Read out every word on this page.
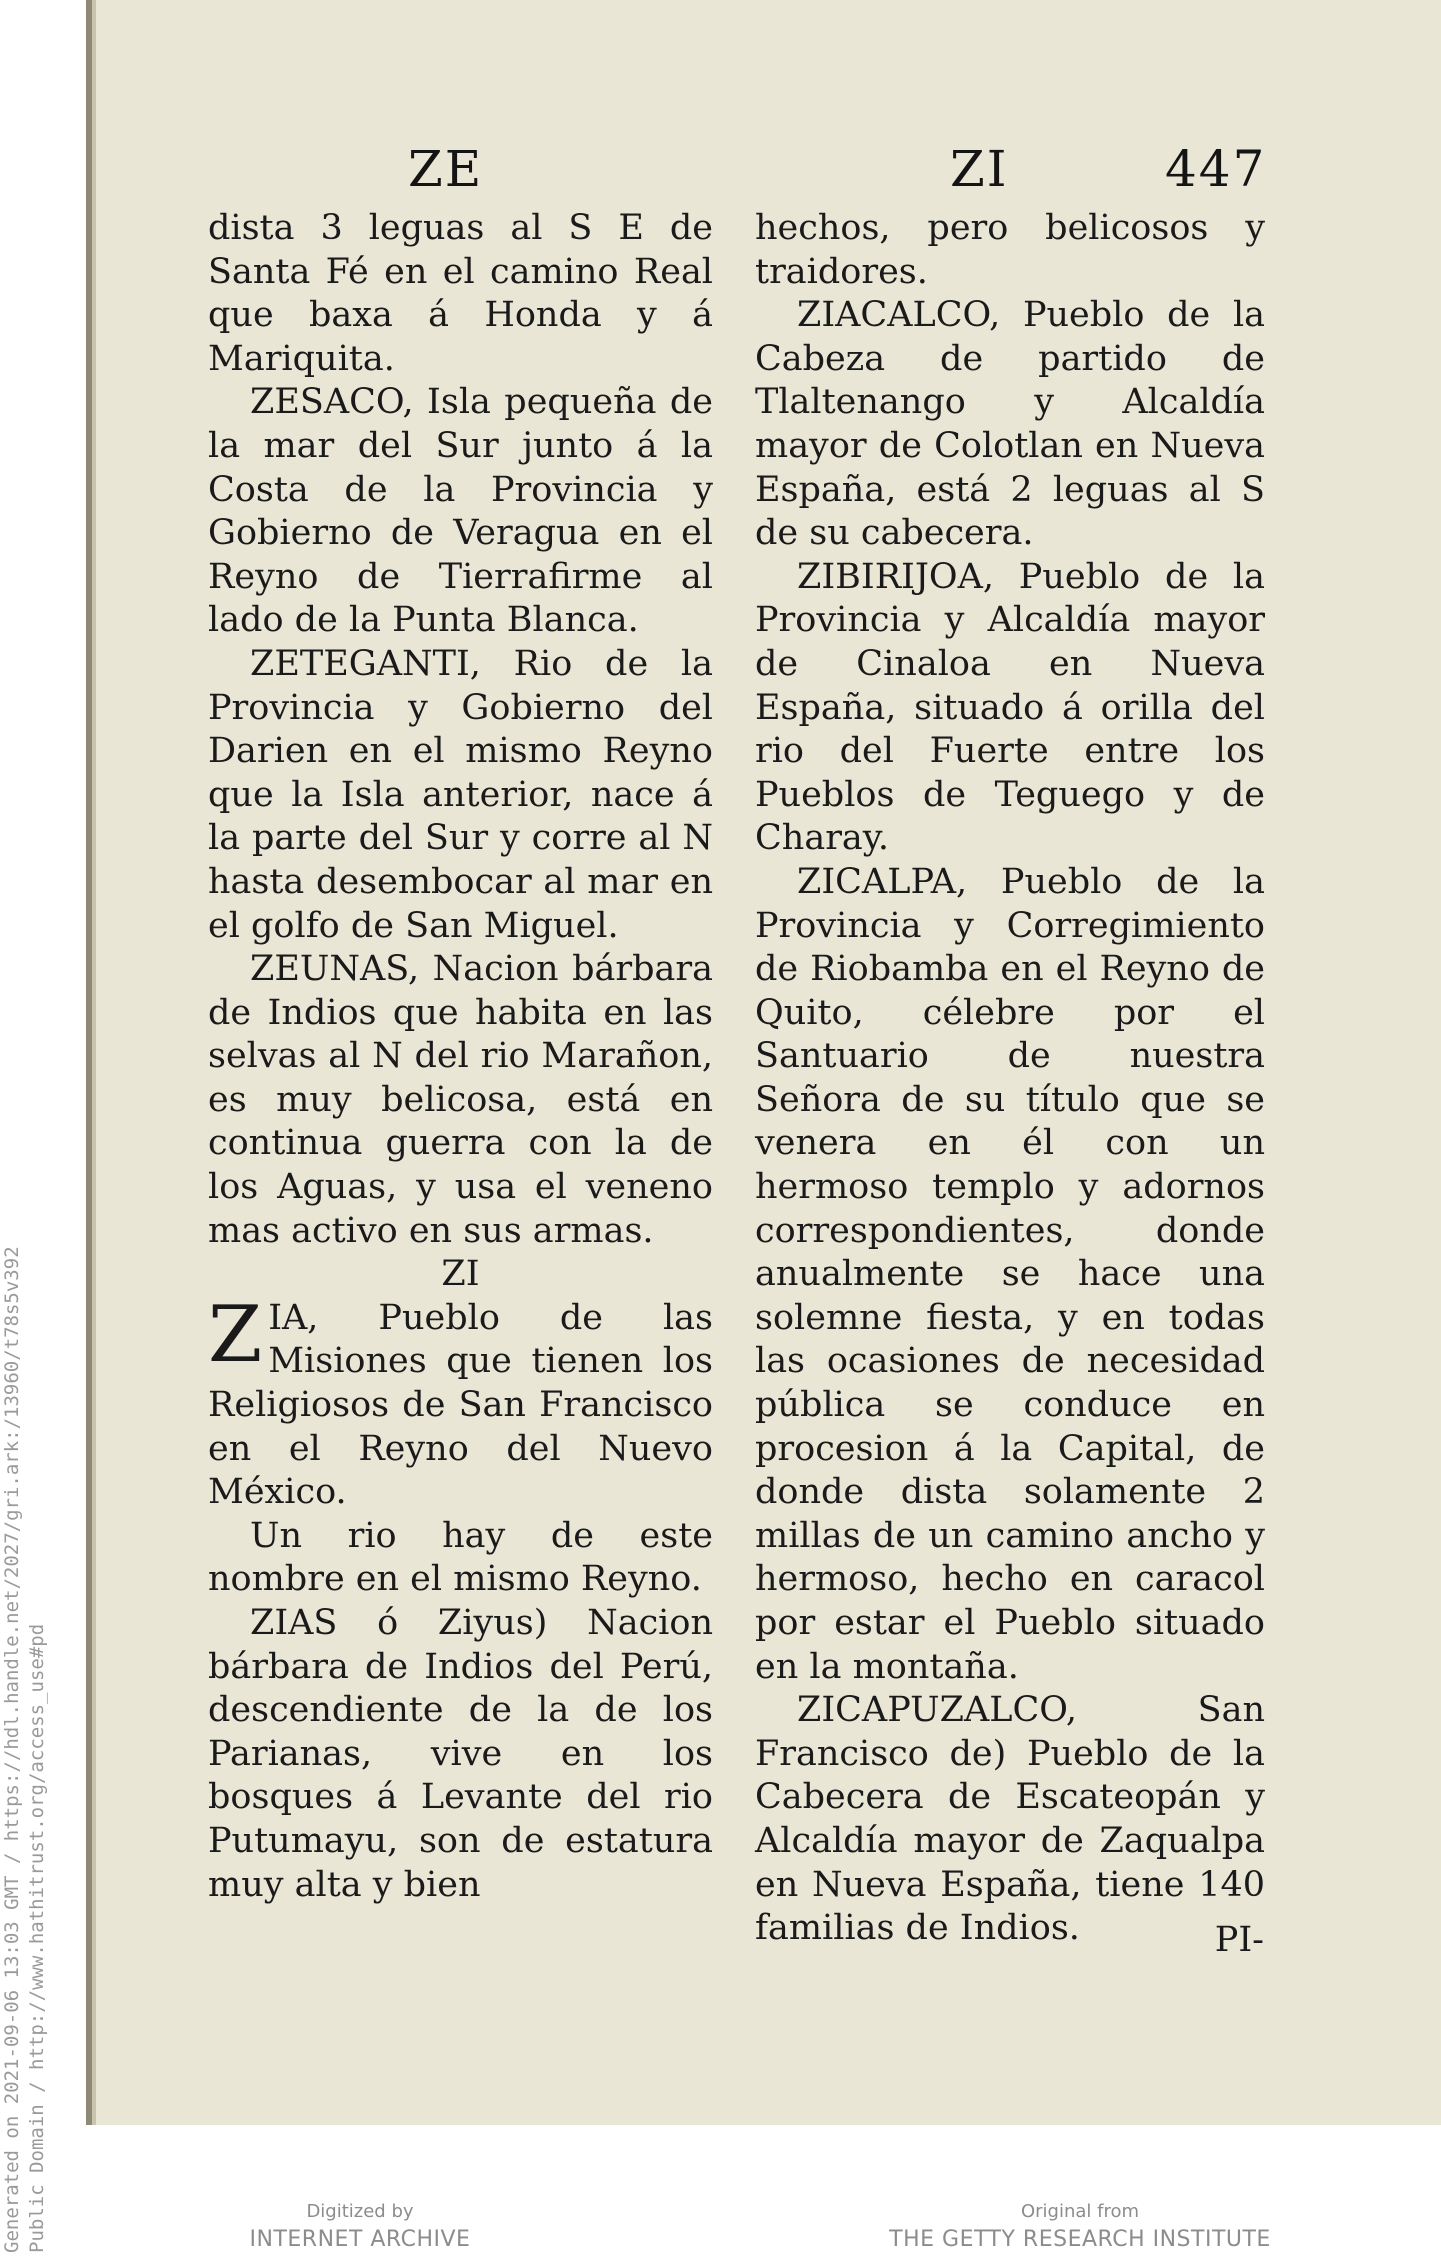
Generated on 2021-09-06 13:03 GMT / https://hdl.handle.net/2027/gri.ark:/13960/t78s5v392 Public Domain / http://www.hathitrust.org/access_use#pd
ZE	ZI	447

dista 3 leguas al S E de Santa Fé en el camino Real que baxa á Honda y á Mariquita.

ZESACO, Isla pequeña de la mar del Sur junto á la Costa de la Provincia y Gobierno de Veragua en el Reyno de Tierrafirme al lado de la Punta Blanca.

ZETEGANTI, Rio de la Provincia y Gobierno del Darien en el mismo Reyno que la Isla anterior, nace á la parte del Sur y corre al N hasta desembocar al mar en el golfo de San Miguel.

ZEUNAS, Nacion bárbara de Indios que habita en las selvas al N del rio Marañon, es muy belicosa, está en continua guerra con la de los Aguas, y usa el veneno mas activo en sus armas.

ZI

ZIA, Pueblo de las Misiones que tienen los Religiosos de San Francisco en el Reyno del Nuevo México.

Un rio hay de este nombre en el mismo Reyno.

ZIAS ó Ziyus) Nacion bárbara de Indios del Perú, descendiente de la de los Parianas, vive en los bosques á Levante del rio Putumayu, son de estatura muy alta y bien

hechos, pero belicosos y traidores.

ZIACALCO, Pueblo de la Cabeza de partido de Tlaltenango y Alcaldía mayor de Colotlan en Nueva España, está 2 leguas al S de su cabecera.

ZIBIRIJOA, Pueblo de la Provincia y Alcaldía mayor de Cinaloa en Nueva España, situado á orilla del rio del Fuerte entre los Pueblos de Teguego y de Charay.

ZICALPA, Pueblo de la Provincia y Corregimiento de Riobamba en el Reyno de Quito, célebre por el Santuario de nuestra Señora de su título que se venera en él con un hermoso templo y adornos correspondientes, donde anualmente se hace una solemne fiesta, y en todas las ocasiones de necesidad pública se conduce en procesion á la Capital, de donde dista solamente 2 millas de un camino ancho y hermoso, hecho en caracol por estar el Pueblo situado en la montaña.

ZICAPUZALCO, San Francisco de) Pueblo de la Cabecera de Escateopán y Alcaldía mayor de Zaqualpa en Nueva España, tiene 140 familias de Indios.	PI-
Digitized by
INTERNET ARCHIVE
Original from
THE GETTY RESEARCH INSTITUTE
